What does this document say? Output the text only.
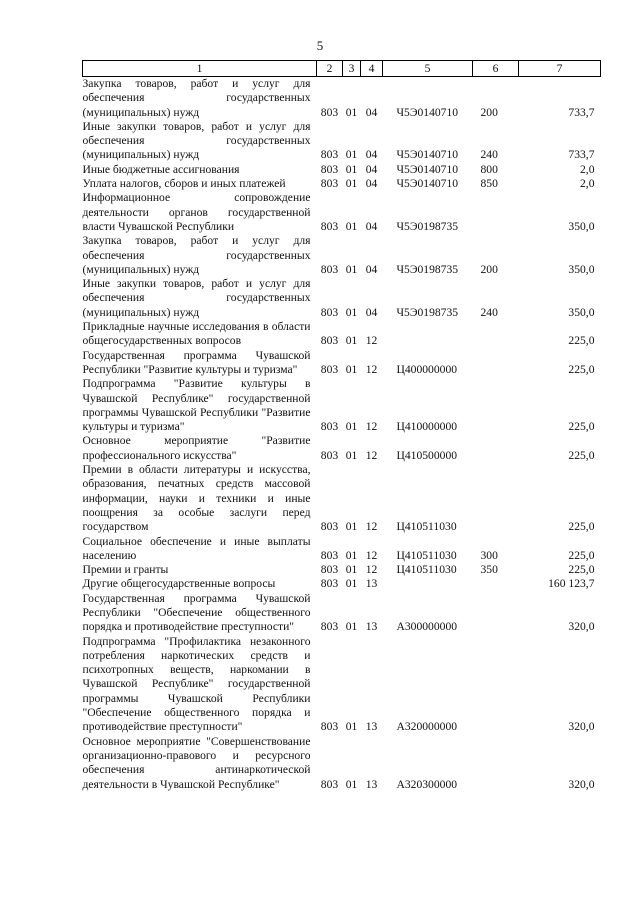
5
1	2	3	4	5	6	7
Закупка товаров, работ и услуг для обеспечения государственных (муниципальных) нужд	803	01	04	Ч5Э0140710	200	733,7
Иные закупки товаров, работ и услуг для обеспечения государственных (муниципальных) нужд	803	01	04	Ч5Э0140710	240	733,7
Иные бюджетные ассигнования	803	01	04	Ч5Э0140710	800	2,0
Уплата налогов, сборов и иных платежей	803	01	04	Ч5Э0140710	850	2,0
Информационное сопровождение деятельности органов государственной власти Чувашской Республики	803	01	04	Ч5Э0198735		350,0
Закупка товаров, работ и услуг для обеспечения государственных (муниципальных) нужд	803	01	04	Ч5Э0198735	200	350,0
Иные закупки товаров, работ и услуг для обеспечения государственных (муниципальных) нужд	803	01	04	Ч5Э0198735	240	350,0
Прикладные научные исследования в области общегосударственных вопросов	803	01	12			225,0
Государственная программа Чувашской Республики "Развитие культуры и туризма"	803	01	12	Ц400000000		225,0
Подпрограмма "Развитие культуры в Чувашской Республике" государственной программы Чувашской Республики "Развитие культуры и туризма"	803	01	12	Ц410000000		225,0
Основное мероприятие "Развитие профессионального искусства"	803	01	12	Ц410500000		225,0
Премии в области литературы и искусства, образования, печатных средств массовой информации, науки и техники и иные поощрения за особые заслуги перед государством	803	01	12	Ц410511030		225,0
Социальное обеспечение и иные выплаты населению	803	01	12	Ц410511030	300	225,0
Премии и гранты	803	01	12	Ц410511030	350	225,0
Другие общегосударственные вопросы	803	01	13			160 123,7
Государственная программа Чувашской Республики "Обеспечение общественного порядка и противодействие преступности"	803	01	13	А300000000		320,0
Подпрограмма "Профилактика незаконного потребления наркотических средств и психотропных веществ, наркомании в Чувашской Республике" государственной программы Чувашской Республики "Обеспечение общественного порядка и противодействие преступности"	803	01	13	А320000000		320,0
Основное мероприятие "Совершенствование организационно-правового и ресурсного обеспечения антинаркотической деятельности в Чувашской Республике"	803	01	13	А320300000		320,0
